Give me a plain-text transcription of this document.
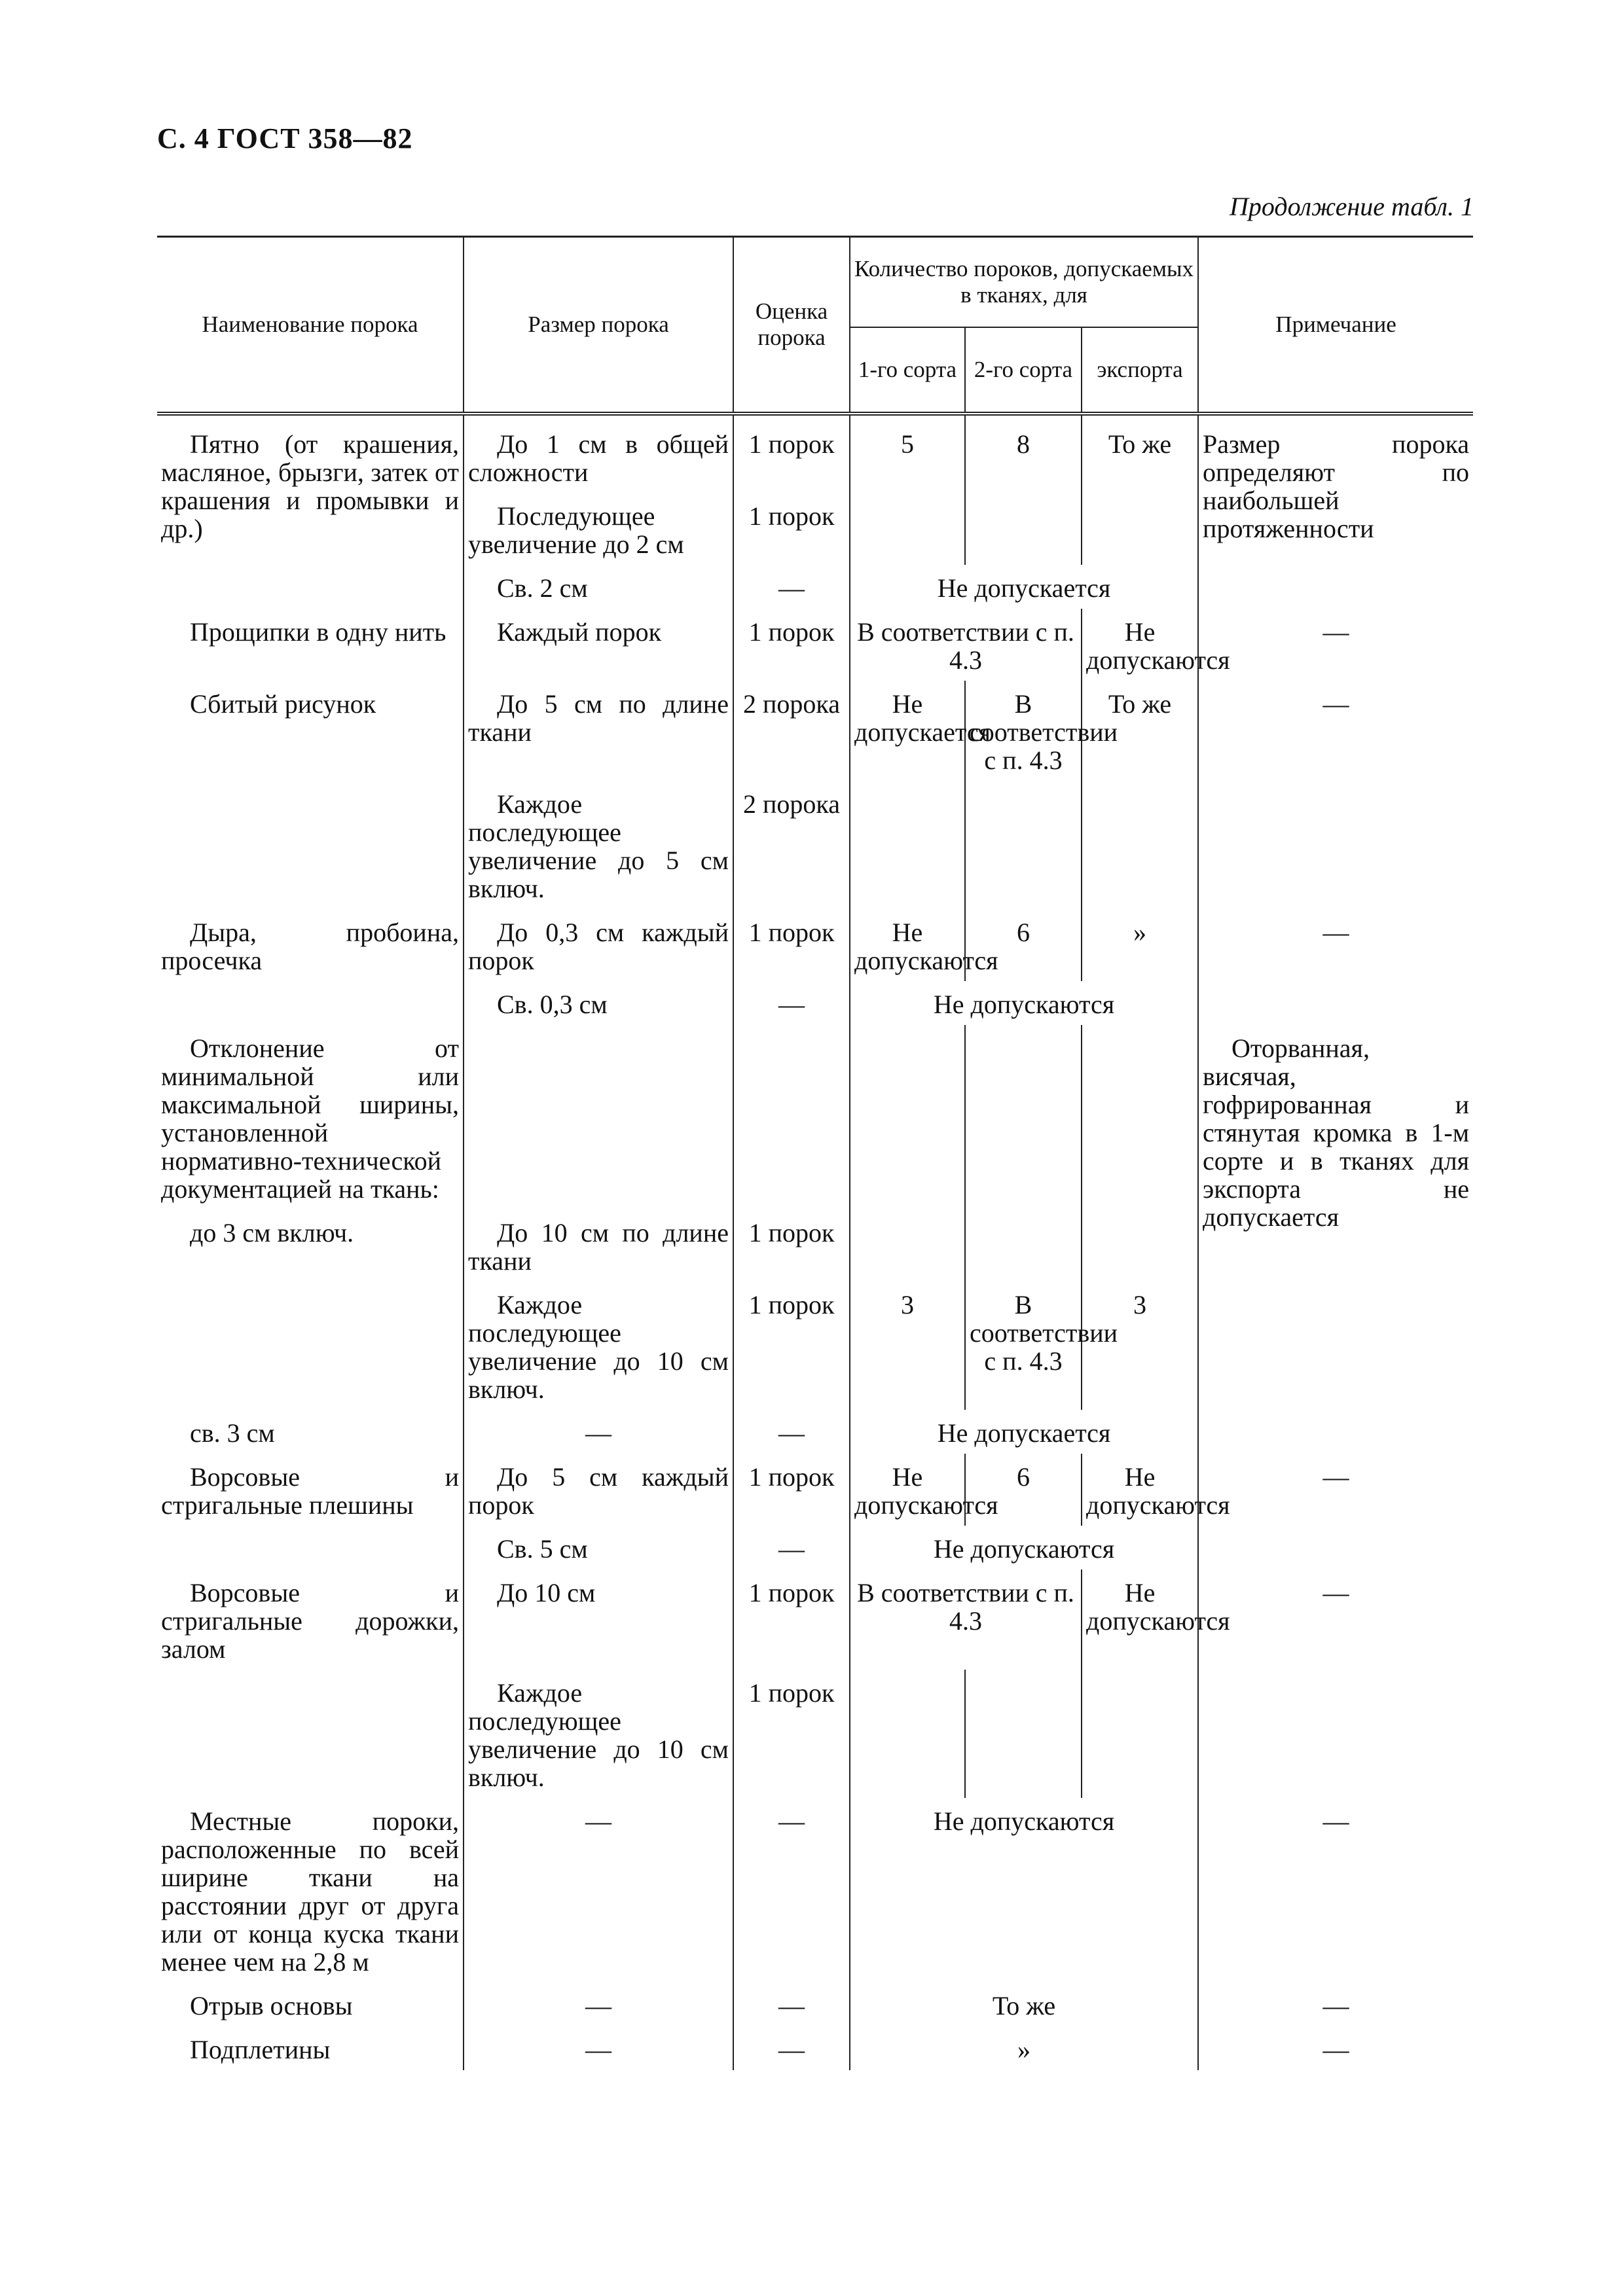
С. 4 ГОСТ 358—82
Продолжение табл. 1
Наименование порока	Размер порока	Оценка порока	Количество пороков, допускаемых в тканях, для			Примечание
			1-го сорта	2-го сорта	экспорта	
Пятно (от крашения, масляное, брызги, затек от крашения и промывки и др.)	До 1 см в общей сложности	1 порок	5	8	То же	Размер порока определяют по наибольшей протяженности
	Последующее увеличение до 2 см	1 порок				
	Св. 2 см	—	Не допускается			
Прощипки в одну нить	Каждый порок	1 порок	В соответствии с п. 4.3		Не допускаются	—
Сбитый рисунок	До 5 см по длине ткани	2 порока	Не допускается	В соответствии с п. 4.3	То же	—
	Каждое последующее увеличение до 5 см включ.	2 порока				
Дыра, пробоина, просечка	До 0,3 см каждый порок	1 порок	Не допускаются	6	»	—
	Св. 0,3 см	—	Не допускаются			
Отклонение от минимальной или максимальной ширины, установленной нормативно-технической документацией на ткань:						Оторванная, висячая, гофрированная и стянутая кромка в 1-м сорте и в тканях для экспорта не допускается
до 3 см включ.	До 10 см по длине ткани	1 порок				
	Каждое последующее увеличение до 10 см включ.	1 порок	3	В соответствии с п. 4.3	3	
св. 3 см	—	—	Не допускается			
Ворсовые и стригальные плешины	До 5 см каждый порок	1 порок	Не допускаются	6	Не допускаются	—
	Св. 5 см	—	Не допускаются			
Ворсовые и стригальные дорожки, залом	До 10 см	1 порок	В соответствии с п. 4.3		Не допускаются	—
	Каждое последующее увеличение до 10 см включ.	1 порок				
Местные пороки, расположенные по всей ширине ткани на расстоянии друг от друга или от конца куска ткани менее чем на 2,8 м	—	—	Не допускаются			—
Отрыв основы	—	—	То же			—
Подплетины	—	—	»			—
